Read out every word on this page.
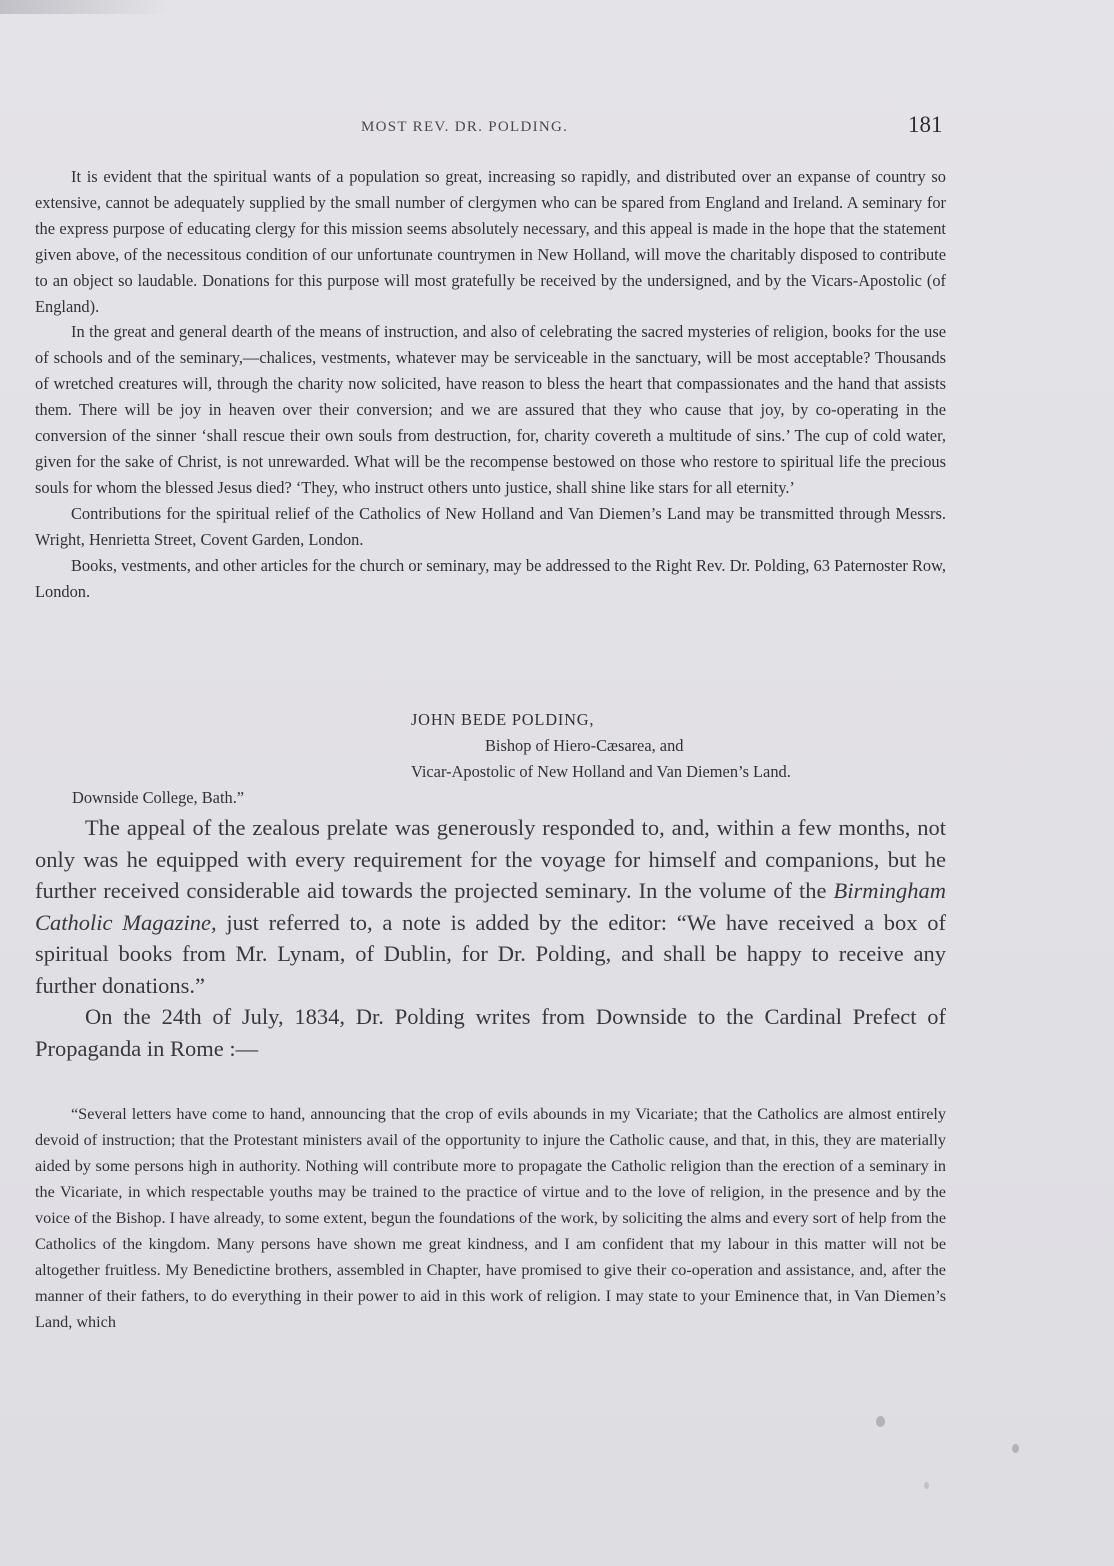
MOST REV. DR. POLDING.	181

It is evident that the spiritual wants of a population so great, increasing so rapidly, and distributed over an expanse of country so extensive, cannot be adequately supplied by the small number of clergymen who can be spared from England and Ireland. A seminary for the express purpose of educating clergy for this mission seems absolutely necessary, and this appeal is made in the hope that the statement given above, of the necessitous condition of our unfortunate countrymen in New Holland, will move the charitably disposed to contribute to an object so laudable. Donations for this purpose will most gratefully be received by the undersigned, and by the Vicars-Apostolic (of England).

In the great and general dearth of the means of instruction, and also of celebrating the sacred mysteries of religion, books for the use of schools and of the seminary,—chalices, vestments, whatever may be serviceable in the sanctuary, will be most acceptable? Thousands of wretched creatures will, through the charity now solicited, have reason to bless the heart that compassionates and the hand that assists them. There will be joy in heaven over their conversion; and we are assured that they who cause that joy, by co-operating in the conversion of the sinner ‘shall rescue their own souls from destruction, for, charity covereth a multitude of sins.’ The cup of cold water, given for the sake of Christ, is not unrewarded. What will be the recompense bestowed on those who restore to spiritual life the precious souls for whom the blessed Jesus died? ‘They, who instruct others unto justice, shall shine like stars for all eternity.’

Contributions for the spiritual relief of the Catholics of New Holland and Van Diemen’s Land may be transmitted through Messrs. Wright, Henrietta Street, Covent Garden, London.

Books, vestments, and other articles for the church or seminary, may be addressed to the Right Rev. Dr. Polding, 63 Paternoster Row, London.

JOHN BEDE POLDING,
Bishop of Hiero-Cæsarea, and
Vicar-Apostolic of New Holland and Van Diemen’s Land.
Downside College, Bath.”

The appeal of the zealous prelate was generously responded to, and, within a few months, not only was he equipped with every requirement for the voyage for himself and companions, but he further received considerable aid towards the projected seminary. In the volume of the Birmingham Catholic Magazine, just referred to, a note is added by the editor: “We have received a box of spiritual books from Mr. Lynam, of Dublin, for Dr. Polding, and shall be happy to receive any further donations.”

On the 24th of July, 1834, Dr. Polding writes from Downside to the Cardinal Prefect of Propaganda in Rome :—

“Several letters have come to hand, announcing that the crop of evils abounds in my Vicariate; that the Catholics are almost entirely devoid of instruction; that the Protestant ministers avail of the opportunity to injure the Catholic cause, and that, in this, they are materially aided by some persons high in authority. Nothing will contribute more to propagate the Catholic religion than the erection of a seminary in the Vicariate, in which respectable youths may be trained to the practice of virtue and to the love of religion, in the presence and by the voice of the Bishop. I have already, to some extent, begun the foundations of the work, by soliciting the alms and every sort of help from the Catholics of the kingdom. Many persons have shown me great kindness, and I am confident that my labour in this matter will not be altogether fruitless. My Benedictine brothers, assembled in Chapter, have promised to give their co-operation and assistance, and, after the manner of their fathers, to do everything in their power to aid in this work of religion. I may state to your Eminence that, in Van Diemen’s Land, which
